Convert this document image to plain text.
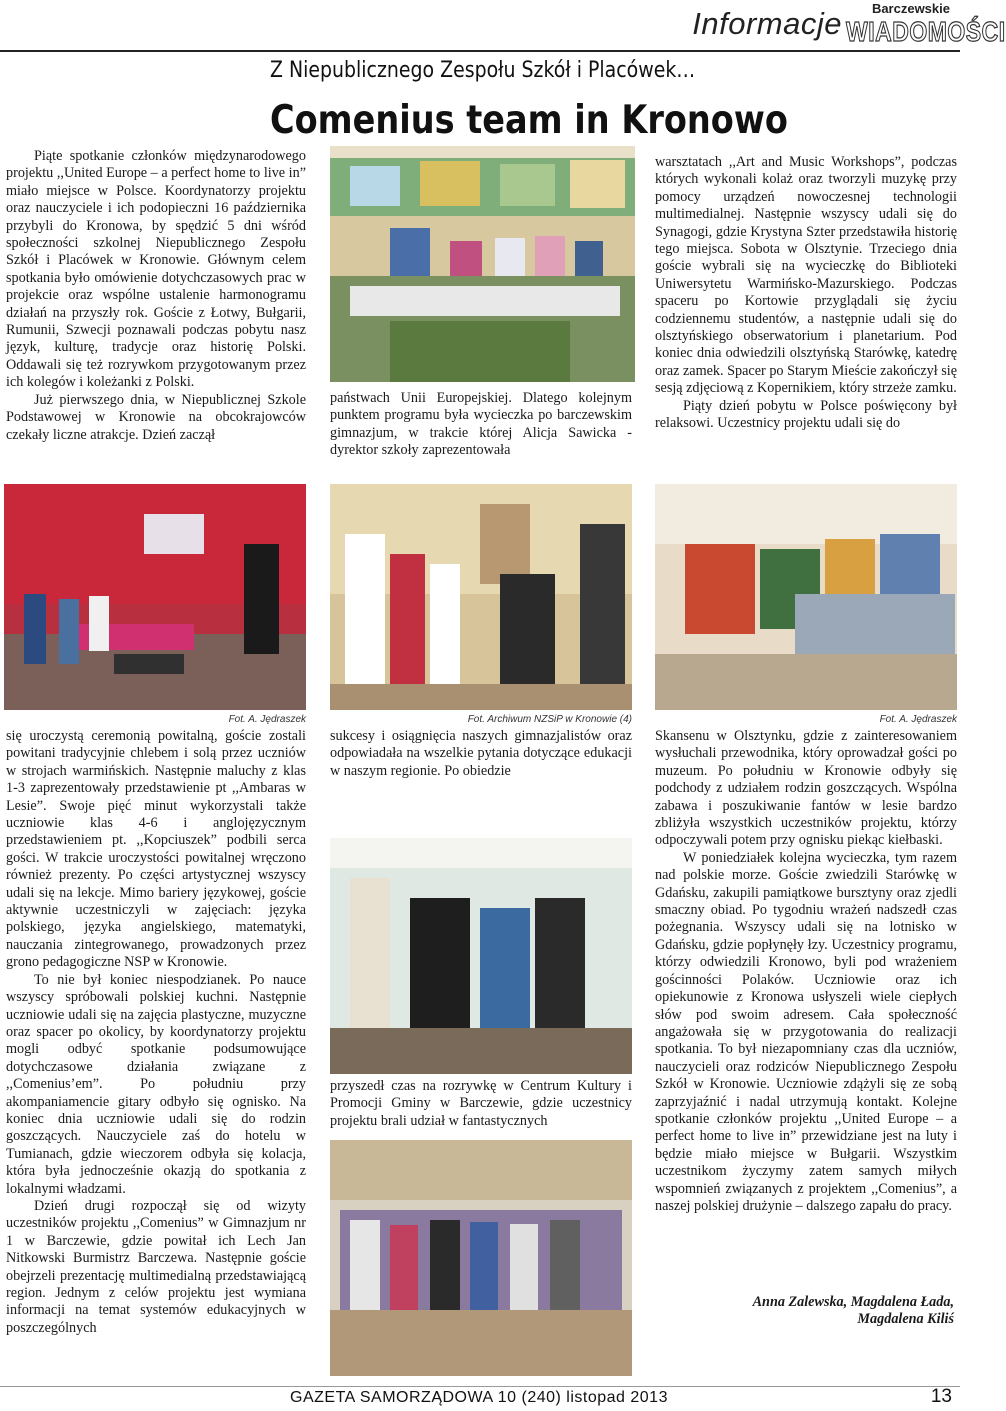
Informacje	Barczewskie
WIADOMOŚCI
Z Niepublicznego Zespołu Szkół i Placówek…
Comenius team in Kronowo

Piąte spotkanie członków międzynarodowego projektu ,,United Europe – a perfect home to live in” miało miejsce w Polsce. Koordynatorzy projektu oraz nauczyciele i ich podopieczni 16 października przybyli do Kronowa, by spędzić 5 dni wśród społeczności szkolnej Niepublicznego Zespołu Szkół i Placówek w Kronowie. Głównym celem spotkania było omówienie dotychczasowych prac w projekcie oraz wspólne ustalenie harmonogramu działań na przyszły rok. Goście z Łotwy, Bułgarii, Rumunii, Szwecji poznawali podczas pobytu nasz język, kulturę, tradycje oraz historię Polski. Oddawali się też rozrywkom przygotowanym przez ich kolegów i koleżanki z Polski.

Już pierwszego dnia, w Niepublicznej Szkole Podstawowej w Kronowie na obcokrajowców czekały liczne atrakcje. Dzień zaczął

państwach Unii Europejskiej. Dlatego kolejnym punktem programu była wycieczka po barczewskim gimnazjum, w trakcie której Alicja Sawicka - dyrektor szkoły zaprezentowała

warsztatach ,,Art and Music Workshops”, podczas których wykonali kolaż oraz tworzyli muzykę przy pomocy urządzeń nowoczesnej technologii multimedialnej. Następnie wszyscy udali się do Synagogi, gdzie Krystyna Szter przedstawiła historię tego miejsca. Sobota w Olsztynie. Trzeciego dnia goście wybrali się na wycieczkę do Biblioteki Uniwersytetu Warmińsko-Mazurskiego. Podczas spaceru po Kortowie przyglądali się życiu codziennemu studentów, a następnie udali się do olsztyńskiego obserwatorium i planetarium. Pod koniec dnia odwiedzili olsztyńską Starówkę, katedrę oraz zamek. Spacer po Starym Mieście zakończył się sesją zdjęciową z Kopernikiem, który strzeże zamku.

Piąty dzień pobytu w Polsce poświęcony był relaksowi. Uczestnicy projektu udali się do

Fot. A. Jędraszek	Fot. Archiwum NZSiP w Kronowie (4)	Fot. A. Jędraszek

się uroczystą ceremonią powitalną, goście zostali powitani tradycyjnie chlebem i solą przez uczniów w strojach warmińskich. Następnie maluchy z klas 1-3 zaprezentowały przedstawienie pt ,,Ambaras w Lesie”. Swoje pięć minut wykorzystali także uczniowie klas 4-6 i anglojęzycznym przedstawieniem pt. ,,Kopciuszek” podbili serca gości. W trakcie uroczystości powitalnej wręczono również prezenty. Po części artystycznej wszyscy udali się na lekcje. Mimo bariery językowej, goście aktywnie uczestniczyli w zajęciach: języka polskiego, języka angielskiego, matematyki, nauczania zintegrowanego, prowadzonych przez grono pedagogiczne NSP w Kronowie.

To nie był koniec niespodzianek. Po nauce wszyscy spróbowali polskiej kuchni. Następnie uczniowie udali się na zajęcia plastyczne, muzyczne oraz spacer po okolicy, by koordynatorzy projektu mogli odbyć spotkanie podsumowujące dotychczasowe działania związane z ,,Comenius’em”. Po południu przy akompaniamencie gitary odbyło się ognisko. Na koniec dnia uczniowie udali się do rodzin goszczących. Nauczyciele zaś do hotelu w Tumianach, gdzie wieczorem odbyła się kolacja, która była jednocześnie okazją do spotkania z lokalnymi władzami.

Dzień drugi rozpoczął się od wizyty uczestników projektu ,,Comenius” w Gimnazjum nr 1 w Barczewie, gdzie powitał ich Lech Jan Nitkowski Burmistrz Barczewa. Następnie goście obejrzeli prezentację multimedialną przedstawiającą region. Jednym z celów projektu jest wymiana informacji na temat systemów edukacyjnych w poszczególnych

sukcesy i osiągnięcia naszych gimnazjalistów oraz odpowiadała na wszelkie pytania dotyczące edukacji w naszym regionie. Po obiedzie

przyszedł czas na rozrywkę w Centrum Kultury i Promocji Gminy w Barczewie, gdzie uczestnicy projektu brali udział w fantastycznych

Skansenu w Olsztynku, gdzie z zainteresowaniem wysłuchali przewodnika, który oprowadzał gości po muzeum. Po południu w Kronowie odbyły się podchody z udziałem rodzin goszczących. Wspólna zabawa i poszukiwanie fantów w lesie bardzo zbliżyła wszystkich uczestników projektu, którzy odpoczywali potem przy ognisku piekąc kiełbaski.

W poniedziałek kolejna wycieczka, tym razem nad polskie morze. Goście zwiedzili Starówkę w Gdańsku, zakupili pamiątkowe bursztyny oraz zjedli smaczny obiad. Po tygodniu wrażeń nadszedł czas pożegnania. Wszyscy udali się na lotnisko w Gdańsku, gdzie popłynęły łzy. Uczestnicy programu, którzy odwiedzili Kronowo, byli pod wrażeniem gościnności Polaków. Uczniowie oraz ich opiekunowie z Kronowa usłyszeli wiele ciepłych słów pod swoim adresem. Cała społeczność angażowała się w przygotowania do realizacji spotkania. To był niezapomniany czas dla uczniów, nauczycieli oraz rodziców Niepublicznego Zespołu Szkół w Kronowie. Uczniowie zdążyli się ze sobą zaprzyjaźnić i nadal utrzymują kontakt. Kolejne spotkanie członków projektu ,,United Europe – a perfect home to live in” przewidziane jest na luty i będzie miało miejsce w Bułgarii. Wszystkim uczestnikom życzymy zatem samych miłych wspomnień związanych z projektem ,,Comenius”, a naszej polskiej drużynie – dalszego zapału do pracy.

Anna Zalewska, Magdalena Łada,
Magdalena Kiliś
GAZETA SAMORZĄDOWA 10 (240) listopad 2013	13
